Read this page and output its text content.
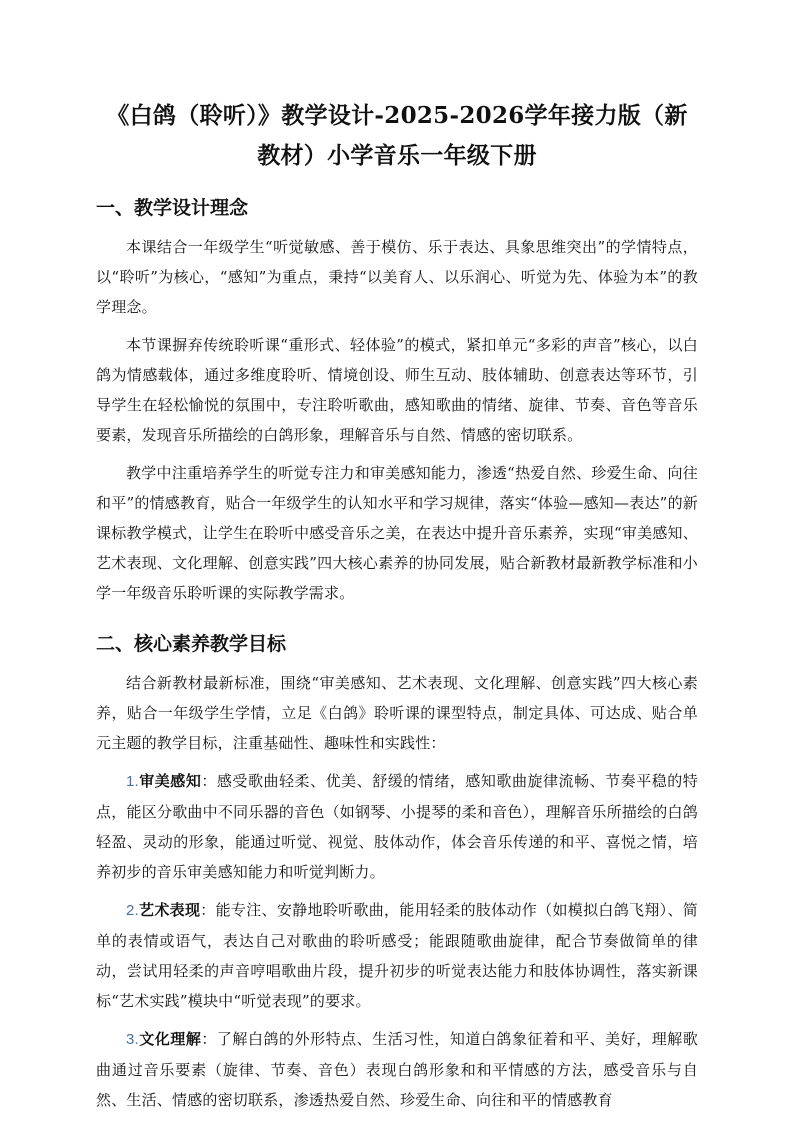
《白鸽（聆听）》教学设计-2025-2026学年接力版（新教材）小学音乐一年级下册
一、教学设计理念

本课结合一年级学生“听觉敏感、善于模仿、乐于表达、具象思维突出”的学情特点，以“聆听”为核心，“感知”为重点，秉持“以美育人、以乐润心、听觉为先、体验为本”的教学理念。

本节课摒弃传统聆听课“重形式、轻体验”的模式，紧扣单元“多彩的声音”核心，以白鸽为情感载体，通过多维度聆听、情境创设、师生互动、肢体辅助、创意表达等环节，引导学生在轻松愉悦的氛围中，专注聆听歌曲，感知歌曲的情绪、旋律、节奏、音色等音乐要素，发现音乐所描绘的白鸽形象，理解音乐与自然、情感的密切联系。

教学中注重培养学生的听觉专注力和审美感知能力，渗透“热爱自然、珍爱生命、向往和平”的情感教育，贴合一年级学生的认知水平和学习规律，落实“体验—感知—表达”的新课标教学模式，让学生在聆听中感受音乐之美，在表达中提升音乐素养，实现“审美感知、艺术表现、文化理解、创意实践”四大核心素养的协同发展，贴合新教材最新教学标准和小学一年级音乐聆听课的实际教学需求。

二、核心素养教学目标

结合新教材最新标准，围绕“审美感知、艺术表现、文化理解、创意实践”四大核心素养，贴合一年级学生学情，立足《白鸽》聆听课的课型特点，制定具体、可达成、贴合单元主题的教学目标，注重基础性、趣味性和实践性：

1.审美感知：感受歌曲轻柔、优美、舒缓的情绪，感知歌曲旋律流畅、节奏平稳的特点，能区分歌曲中不同乐器的音色（如钢琴、小提琴的柔和音色），理解音乐所描绘的白鸽轻盈、灵动的形象，能通过听觉、视觉、肢体动作，体会音乐传递的和平、喜悦之情，培养初步的音乐审美感知能力和听觉判断力。

2.艺术表现：能专注、安静地聆听歌曲，能用轻柔的肢体动作（如模拟白鸽飞翔）、简单的表情或语气，表达自己对歌曲的聆听感受；能跟随歌曲旋律，配合节奏做简单的律动，尝试用轻柔的声音哼唱歌曲片段，提升初步的听觉表达能力和肢体协调性，落实新课标“艺术实践”模块中“听觉表现”的要求。

3.文化理解：了解白鸽的外形特点、生活习性，知道白鸽象征着和平、美好，理解歌曲通过音乐要素（旋律、节奏、音色）表现白鸽形象和和平情感的方法，感受音乐与自然、生活、情感的密切联系，渗透热爱自然、珍爱生命、向往和平的情感教育
